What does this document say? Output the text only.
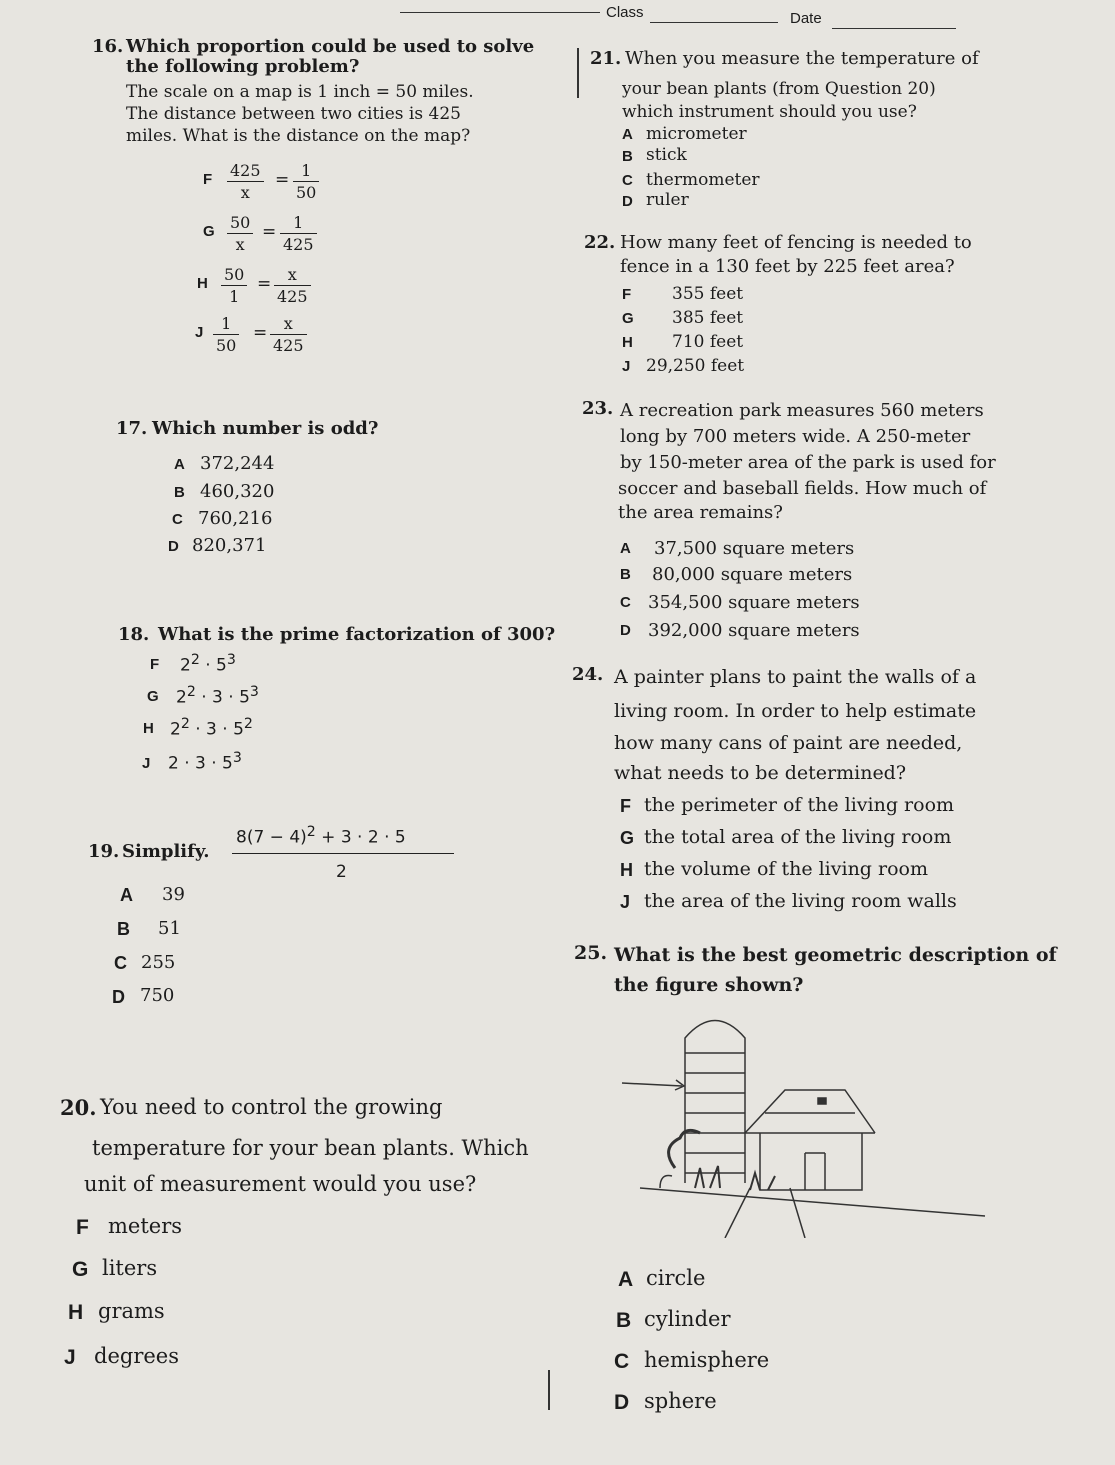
Class	Date
16. Which proportion could be used to solve
the following problem?
The scale on a map is 1 inch = 50 miles.
The distance between two cities is 425
miles. What is the distance on the map?
F $\frac{425}{x} = \frac{1}{50}$
G $\frac{50}{x} = \frac{1}{425}$
H $\frac{50}{1} = \frac{x}{425}$
J $\frac{1}{50} = \frac{x}{425}$
17. Which number is odd?
A 372,244
B 460,320
C 760,216
D 820,371
18. What is the prime factorization of 300?
F $2^2 \cdot 5^3$
G $2^2 \cdot 3 \cdot 5^3$
H $2^2 \cdot 3 \cdot 5^2$
J $2 \cdot 3 \cdot 5^3$
19. Simplify.
$8(7 - 4)^2 + 3 \cdot 2 \cdot 5$
2
A 39
B 51
C 255
D 750
20. You need to control the growing
temperature for your bean plants. Which
unit of measurement would you use?
F meters
G liters
H grams
J degrees
21. When you measure the temperature of
your bean plants (from Question 20)
which instrument should you use?
A micrometer
B stick
C thermometer
D ruler
22. How many feet of fencing is needed to
fence in a 130 feet by 225 feet area?
F 355 feet
G 385 feet
H 710 feet
J 29,250 feet
23. A recreation park measures 560 meters
long by 700 meters wide. A 250-meter
by 150-meter area of the park is used for
soccer and baseball fields. How much of
the area remains?
A 37,500 square meters
B 80,000 square meters
C 354,500 square meters
D 392,000 square meters
24. A painter plans to paint the walls of a
living room. In order to help estimate
how many cans of paint are needed,
what needs to be determined?
F the perimeter of the living room
G the total area of the living room
H the volume of the living room
J the area of the living room walls
25. What is the best geometric description of
the figure shown?
A circle
B cylinder
C hemisphere
D sphere
